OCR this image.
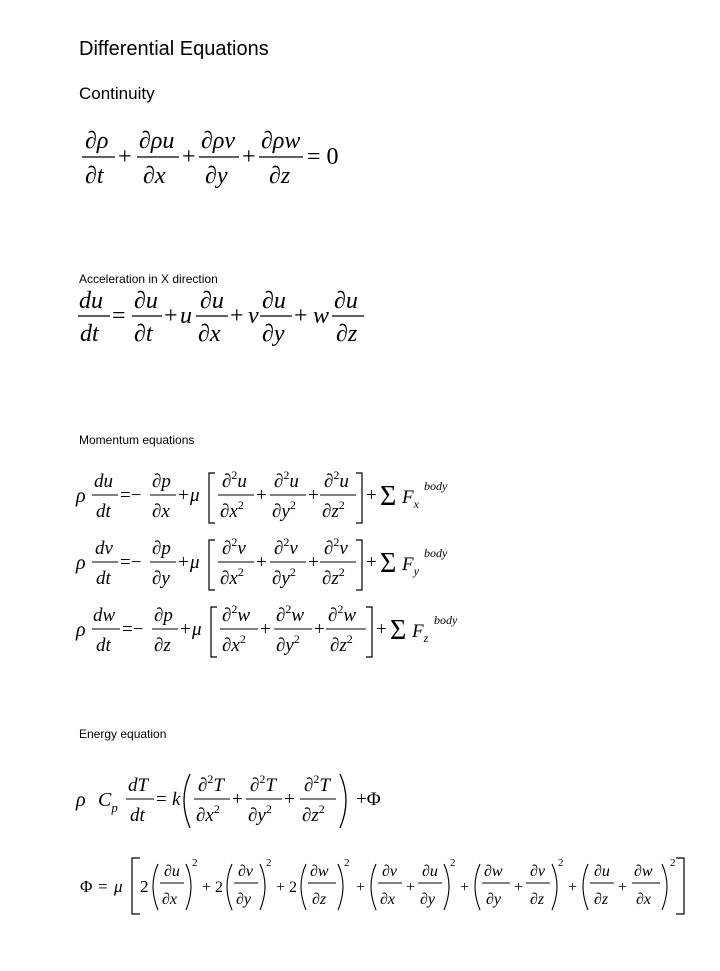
Differential Equations
Continuity
∂ρ
∂t
+
∂ρu
∂x
+
∂ρv
∂y
+
∂ρw
∂z
= 0
Acceleration in X direction
du
dt
=
∂u
∂t
+ u
∂u
∂x
+ v
∂u
∂y
+ w
∂u
∂z
Momentum equations
ρ
du
dt
=−
∂p
∂x
+ μ
∂$^2$u
$\partial x^2$ +
∂$^2$u
$\partial y^2$ +
∂$^2$u
$\partial z^2 + \Sigma$ $F_x$
body
ρ
dv
dt
=−
∂p
∂y
+ μ
∂$^2$v
$\partial x^2$ +
∂$^2$v
$\partial y^2$ +
∂$^2$v
$\partial z^2 + \Sigma$ $F_y$
body
ρ
dw
dt
=−
∂p
∂z
+ μ
∂$^2$w
$\partial x^2$ +
∂$^2$w
$\partial y^2$ +
∂$^2$w
$\partial z^2 + \Sigma$ $F_z$
body
Energy equation
ρ $C_p$
dT
dt
= k
∂$^2$T
$\partial x^2$ +
∂$^2$T
$\partial y^2$ +
∂$^2$T
$\partial z^2 +\Phi$
Φ = μ 2
∂u
∂x
2
+ 2
∂v
∂y
2
+ 2
∂w
∂z
2
+
∂v
∂x
+
∂u
∂y
2
+
∂w
∂y
+
∂v
∂z
2
+
∂u
∂z
+
∂w
∂x
2
